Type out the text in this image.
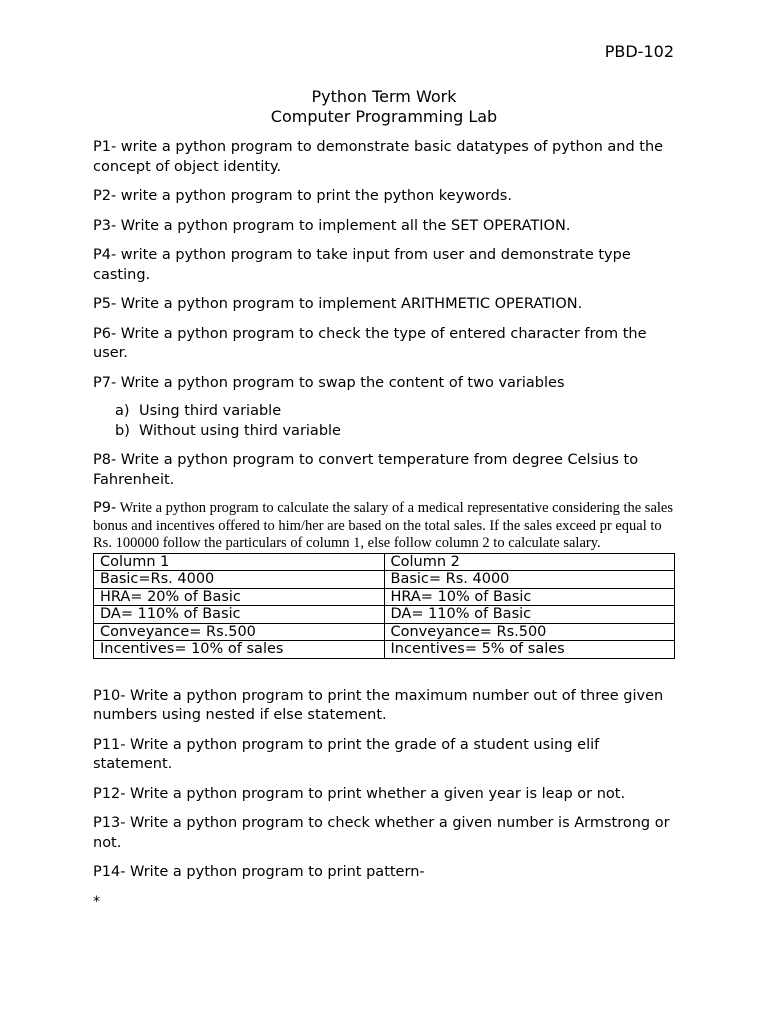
PBD-102
Python Term Work
Computer Programming Lab

P1- write a python program to demonstrate basic datatypes of python and the concept of object identity.

P2- write a python program to print the python keywords.

P3- Write a python program to implement all the SET OPERATION.

P4- write a python program to take input from user and demonstrate type casting.

P5- Write a python program to implement ARITHMETIC OPERATION.

P6- Write a python program to check the type of entered character from the user.

P7- Write a python program to swap the content of two variables

a) Using third variable
b) Without using third variable

P8- Write a python program to convert temperature from degree Celsius to Fahrenheit.

P9- Write a python program to calculate the salary of a medical representative considering the sales bonus and incentives offered to him/her are based on the total sales. If the sales exceed pr equal to Rs. 100000 follow the particulars of column 1, else follow column 2 to calculate salary.

Column 1	Column 2
Basic=Rs. 4000	Basic= Rs. 4000
HRA= 20% of Basic	HRA= 10% of Basic
DA= 110% of Basic	DA= 110% of Basic
Conveyance= Rs.500	Conveyance= Rs.500
Incentives= 10% of sales	Incentives= 5% of sales

P10- Write a python program to print the maximum number out of three given numbers using nested if else statement.

P11- Write a python program to print the grade of a student using elif statement.

P12- Write a python program to print whether a given year is leap or not.

P13- Write a python program to check whether a given number is Armstrong or not.

P14- Write a python program to print pattern-

*
